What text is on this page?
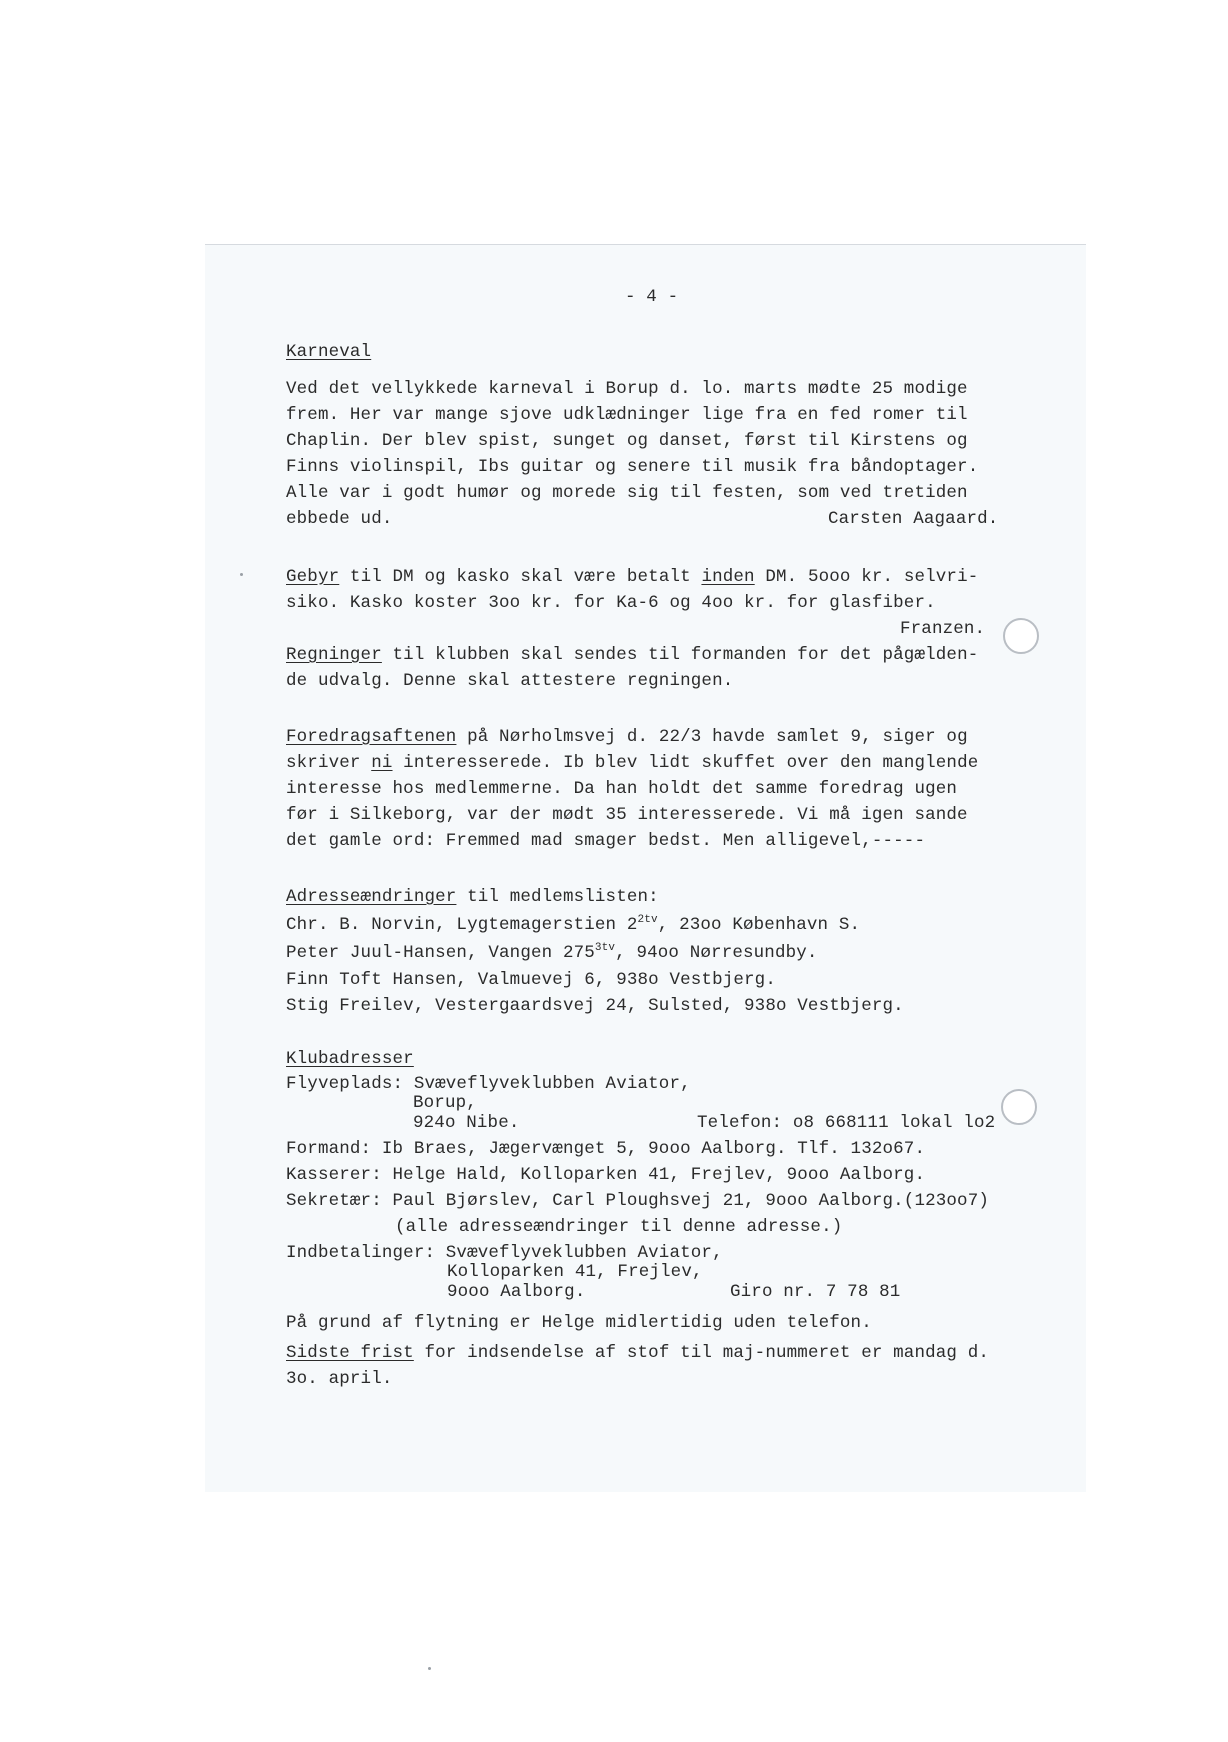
- 4 -
Karneval
Ved det vellykkede karneval i Borup d. lo. marts mødte 25 modige
frem. Her var mange sjove udklædninger lige fra en fed romer til
Chaplin. Der blev spist, sunget og danset, først til Kirstens og
Finns violinspil, Ibs guitar og senere til musik fra båndoptager.
Alle var i godt humør og morede sig til festen, som ved tretiden
ebbede ud.	Carsten Aagaard.
Gebyr til DM og kasko skal være betalt inden DM. 5ooo kr. selvri-
siko. Kasko koster 3oo kr. for Ka-6 og 4oo kr. for glasfiber.
Franzen.
Regninger til klubben skal sendes til formanden for det pågælden-
de udvalg. Denne skal attestere regningen.
Foredragsaftenen på Nørholmsvej d. 22/3 havde samlet 9, siger og
skriver ni interesserede. Ib blev lidt skuffet over den manglende
interesse hos medlemmerne. Da han holdt det samme foredrag ugen
før i Silkeborg, var der mødt 35 interesserede. Vi må igen sande
det gamle ord: Fremmed mad smager bedst. Men alligevel,-----
Adresseændringer til medlemslisten:
Chr. B. Norvin, Lygtemagerstien $2^{2tv}$, 23oo København S.
Peter Juul-Hansen, Vangen $275^{3tv}$, 94oo Nørresundby.
Finn Toft Hansen, Valmuevej 6, 938o Vestbjerg.
Stig Freilev, Vestergaardsvej 24, Sulsted, 938o Vestbjerg.
Klubadresser
Flyveplads: Svæveflyveklubben Aviator,
Borup,
924o Nibe.	Telefon: o8 668111 lokal lo2
Formand: Ib Braes, Jægervænget 5, 9ooo Aalborg. Tlf. 132o67.
Kasserer: Helge Hald, Kolloparken 41, Frejlev, 9ooo Aalborg.
Sekretær: Paul Bjørslev, Carl Ploughsvej 21, 9ooo Aalborg.(123oo7)
(alle adresseændringer til denne adresse.)
Indbetalinger: Svæveflyveklubben Aviator,
Kolloparken 41, Frejlev,
9ooo Aalborg.	Giro nr. 7 78 81
På grund af flytning er Helge midlertidig uden telefon.
Sidste frist for indsendelse af stof til maj-nummeret er mandag d.
3o. april.
